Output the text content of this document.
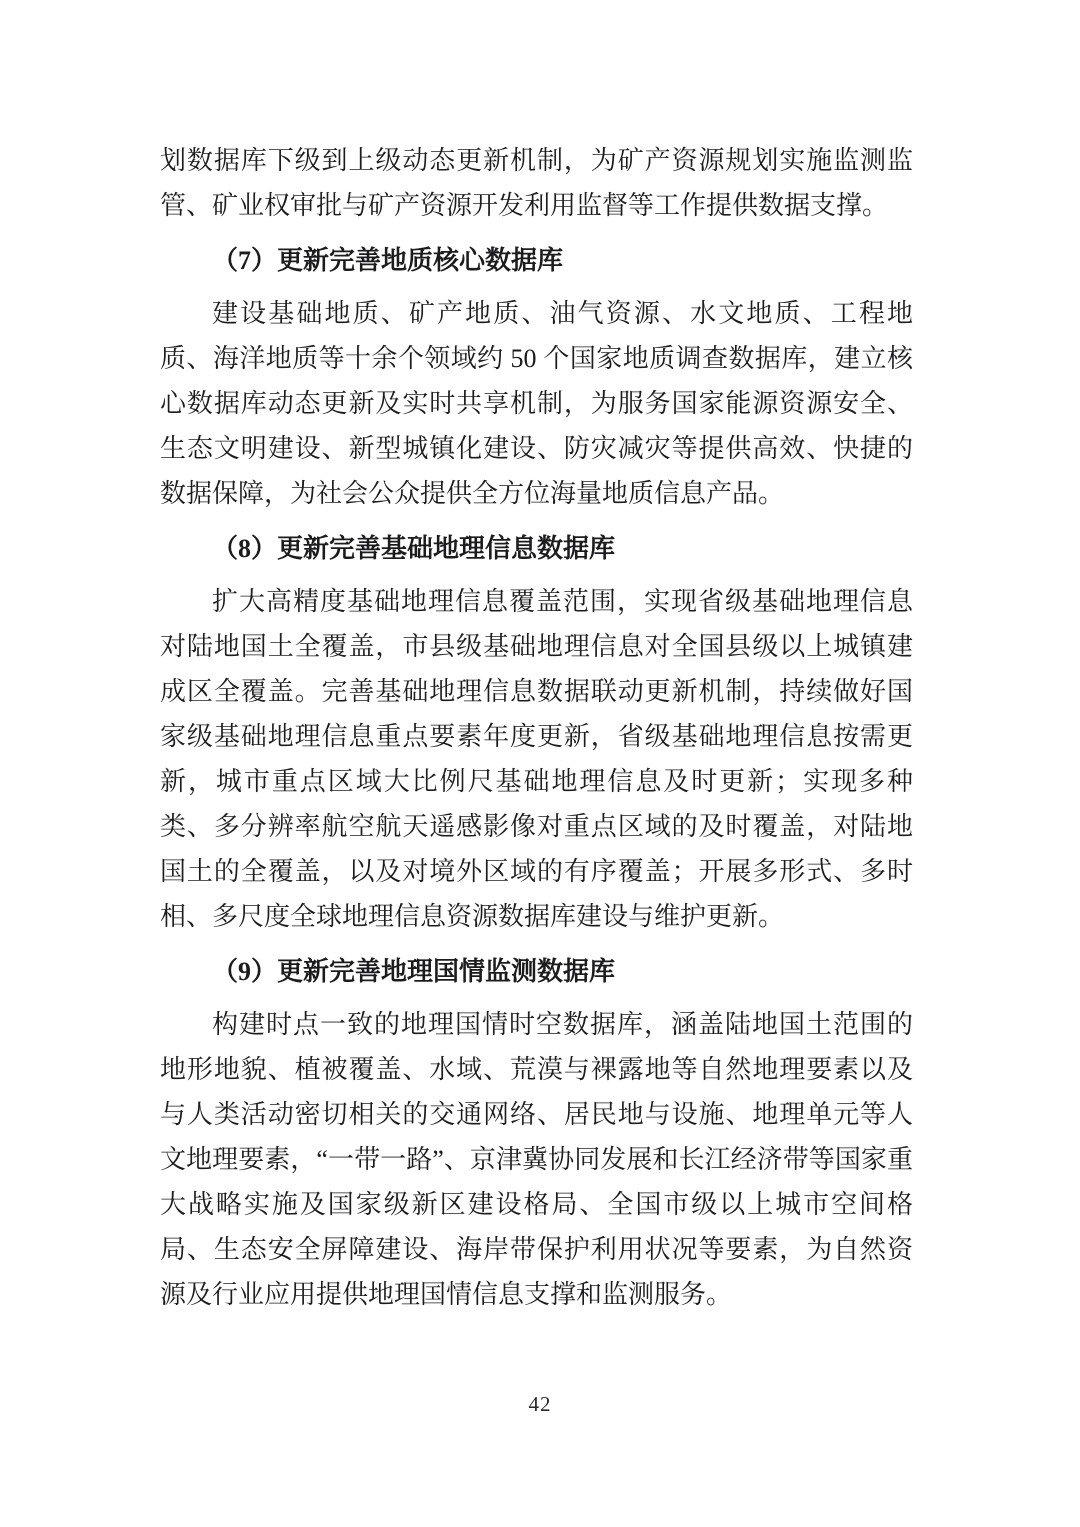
划数据库下级到上级动态更新机制，为矿产资源规划实施监测监管、矿业权审批与矿产资源开发利用监督等工作提供数据支撑。

（7）更新完善地质核心数据库

建设基础地质、矿产地质、油气资源、水文地质、工程地质、海洋地质等十余个领域约 50 个国家地质调查数据库，建立核心数据库动态更新及实时共享机制，为服务国家能源资源安全、生态文明建设、新型城镇化建设、防灾减灾等提供高效、快捷的数据保障，为社会公众提供全方位海量地质信息产品。

（8）更新完善基础地理信息数据库

扩大高精度基础地理信息覆盖范围，实现省级基础地理信息对陆地国土全覆盖，市县级基础地理信息对全国县级以上城镇建成区全覆盖。完善基础地理信息数据联动更新机制，持续做好国家级基础地理信息重点要素年度更新，省级基础地理信息按需更新，城市重点区域大比例尺基础地理信息及时更新；实现多种类、多分辨率航空航天遥感影像对重点区域的及时覆盖，对陆地国土的全覆盖，以及对境外区域的有序覆盖；开展多形式、多时相、多尺度全球地理信息资源数据库建设与维护更新。

（9）更新完善地理国情监测数据库

构建时点一致的地理国情时空数据库，涵盖陆地国土范围的地形地貌、植被覆盖、水域、荒漠与裸露地等自然地理要素以及与人类活动密切相关的交通网络、居民地与设施、地理单元等人文地理要素，“一带一路”、京津冀协同发展和长江经济带等国家重大战略实施及国家级新区建设格局、全国市级以上城市空间格局、生态安全屏障建设、海岸带保护利用状况等要素，为自然资源及行业应用提供地理国情信息支撑和监测服务。

42
